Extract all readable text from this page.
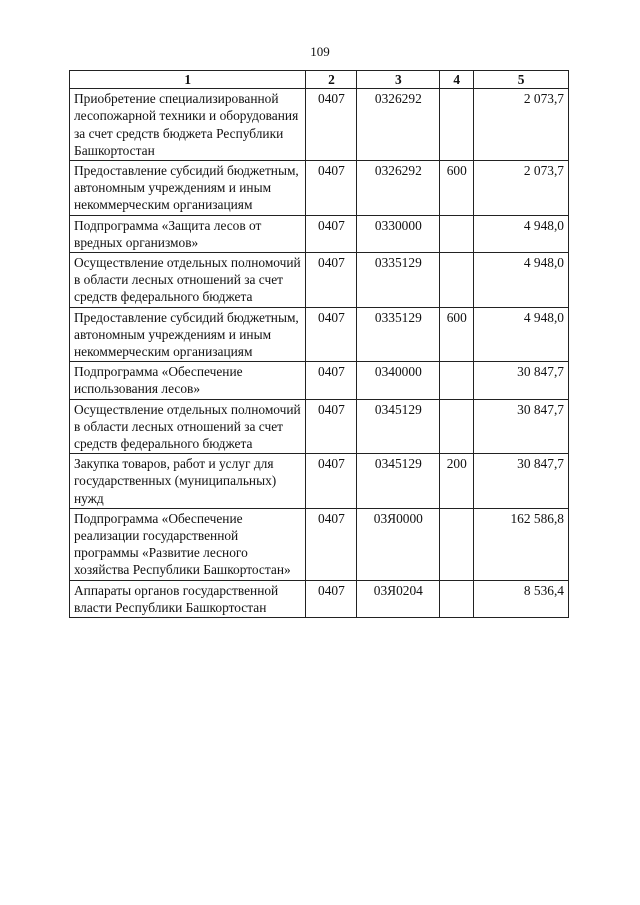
109
1	2	3	4	5
Приобретение специализированной лесопожарной техники и оборудования за счет средств бюджета Республики Башкортостан	0407	0326292		2 073,7
Предоставление субсидий бюджетным, автономным учреждениям и иным некоммерческим организациям	0407	0326292	600	2 073,7
Подпрограмма «Защита лесов от вредных организмов»	0407	0330000		4 948,0
Осуществление отдельных полномочий в области лесных отношений за счет средств федерального бюджета	0407	0335129		4 948,0
Предоставление субсидий бюджетным, автономным учреждениям и иным некоммерческим организациям	0407	0335129	600	4 948,0
Подпрограмма «Обеспечение использования лесов»	0407	0340000		30 847,7
Осуществление отдельных полномочий в области лесных отношений за счет средств федерального бюджета	0407	0345129		30 847,7
Закупка товаров, работ и услуг для государственных (муниципальных) нужд	0407	0345129	200	30 847,7
Подпрограмма «Обеспечение реализации государственной программы «Развитие лесного хозяйства Республики Башкортостан»	0407	03Я0000		162 586,8
Аппараты органов государственной власти Республики Башкортостан	0407	03Я0204		8 536,4
